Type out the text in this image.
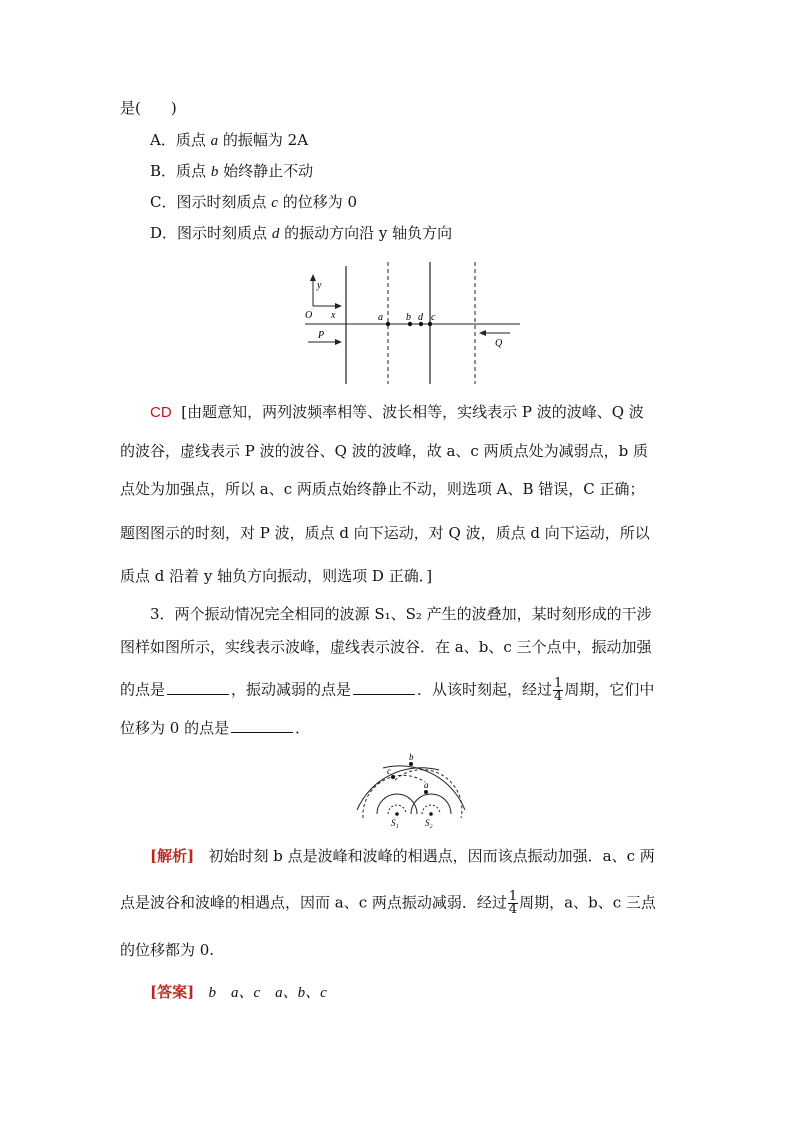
是(　　)
A．质点 a 的振幅为 2A
B．质点 b 始终静止不动
C．图示时刻质点 c 的位移为 0
D．图示时刻质点 d 的振动方向沿 y 轴负方向
y
x
O	a b d c
P
Q
CD [由题意知，两列波频率相等、波长相等，实线表示 P 波的波峰、Q 波
的波谷，虚线表示 P 波的波谷、Q 波的波峰，故 a、c 两质点处为减弱点，b 质
点处为加强点，所以 a、c 两质点始终静止不动，则选项 A、B 错误，C 正确；
题图图示的时刻，对 P 波，质点 d 向下运动，对 Q 波，质点 d 向下运动，所以
质点 d 沿着 y 轴负方向振动，则选项 D 正确．]
3．两个振动情况完全相同的波源 S₁、S₂ 产生的波叠加，某时刻形成的干涉
图样如图所示，实线表示波峰，虚线表示波谷．在 a、b、c 三个点中，振动加强
的点是	，振动减弱的点是	．从该时刻起，经过 $\frac{1}{4}$ 周期，它们中
位移为 0 的点是	．
S₁	S₂
b
c
a
[解析] 初始时刻 b 点是波峰和波峰的相遇点，因而该点振动加强．a、c 两
点是波谷和波峰的相遇点，因而 a、c 两点振动减弱．经过 $\frac{1}{4}$ 周期，a、b、c 三点
的位移都为 0.
[答案] b　a、c　a、b、c
